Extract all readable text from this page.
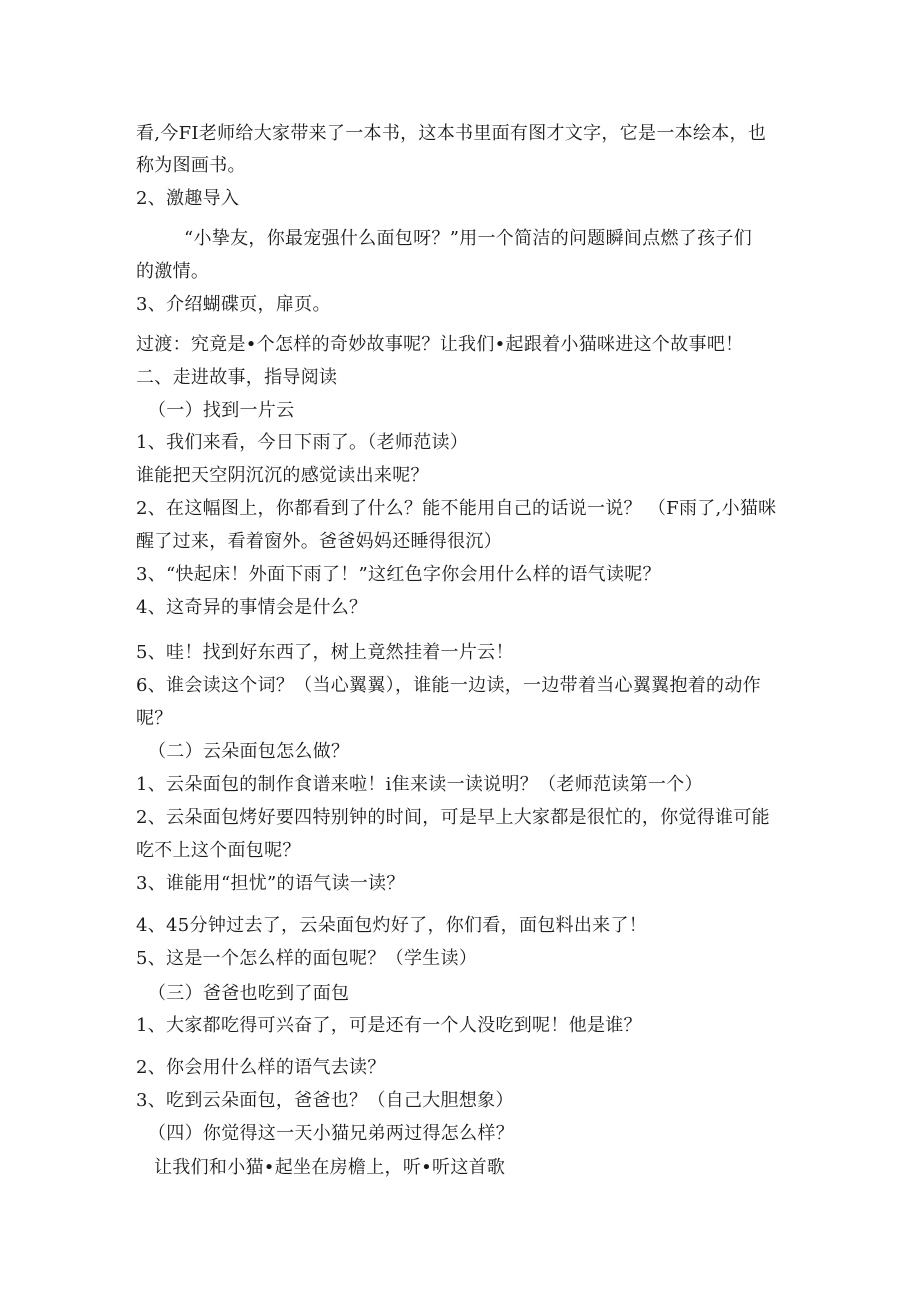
看,今FI老师给大家带来了一本书，这本书里面有图才文字，它是一本绘本，也
称为图画书。
2、激趣导入
“小挚友，你最宠强什么面包呀？”用一个简洁的问题瞬间点燃了孩子们
的激情。
3、介绍蝴碟页，扉页。
过渡：究竟是•个怎样的奇妙故事呢？让我们•起跟着小猫咪进这个故事吧！
二、走进故事，指导阅读
（一）找到一片云
1、我们来看，今日下雨了。（老师范读）
谁能把天空阴沉沉的感觉读出来呢？
2、在这幅图上，你都看到了什么？能不能用自己的话说一说？ （F雨了,小猫咪
醒了过来，看着窗外。爸爸妈妈还睡得很沉）
3、“快起床！外面下雨了！”这红色字你会用什么样的语气读呢？
4、这奇异的事情会是什么？
5、哇！找到好东西了，树上竟然挂着一片云！
6、谁会读这个词？（当心翼翼），谁能一边读，一边带着当心翼翼抱着的动作
呢？
（二）云朵面包怎么做？
1、云朵面包的制作食谱来啦！i隹来读一读说明？（老师范读第一个）
2、云朵面包烤好要四特别钟的时间，可是早上大家都是很忙的，你觉得谁可能
吃不上这个面包呢？
3、谁能用“担忧”的语气读一读？
4、45分钟过去了，云朵面包灼好了，你们看，面包料出来了！
5、这是一个怎么样的面包呢？（学生读）
（三）爸爸也吃到了面包
1、大家都吃得可兴奋了，可是还有一个人没吃到呢！他是谁？
2、你会用什么样的语气去读？
3、吃到云朵面包，爸爸也？（自己大胆想象）
（四）你觉得这一天小猫兄弟两过得怎么样？
让我们和小猫•起坐在房檐上，听•听这首歌
